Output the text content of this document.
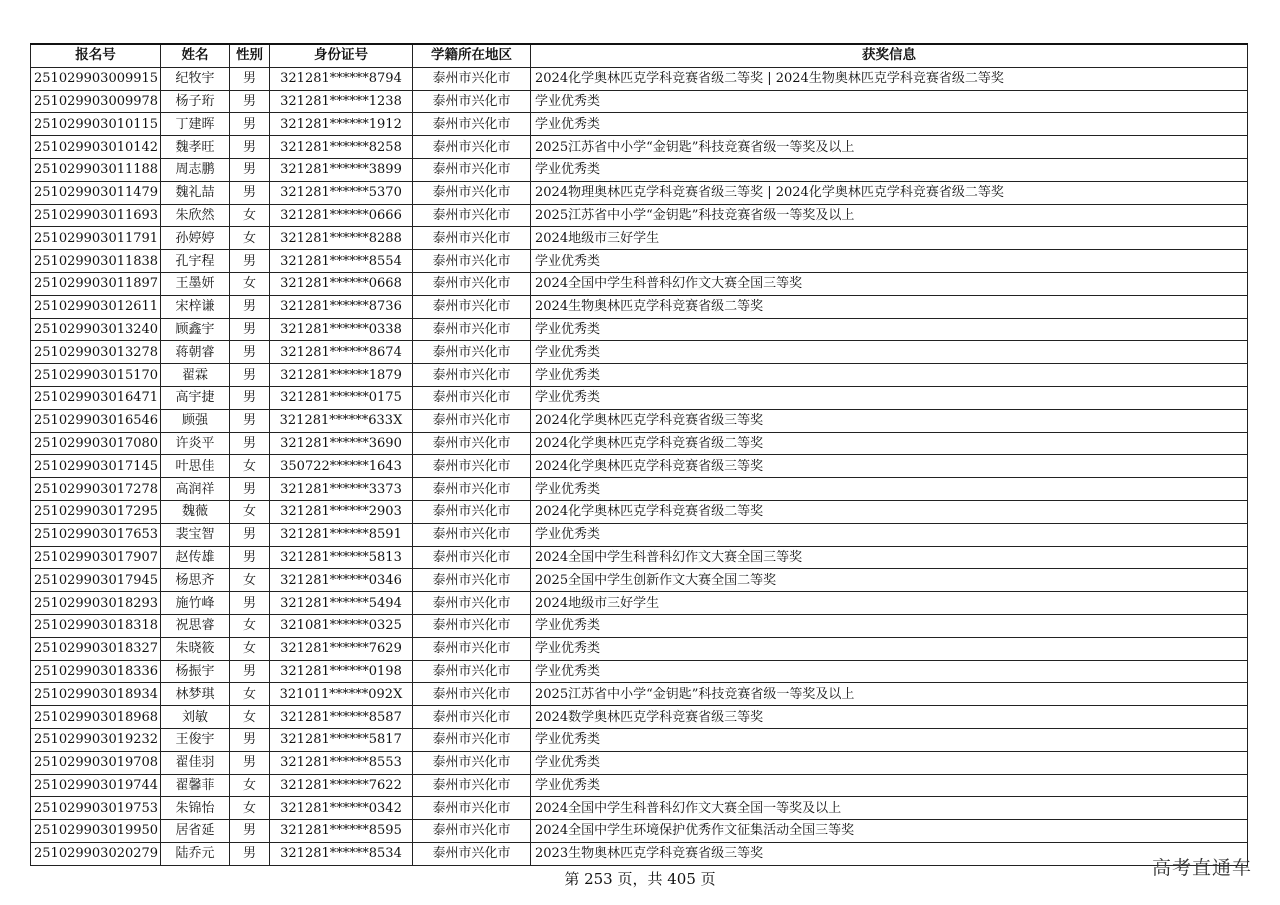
报名号	姓名	性别	身份证号	学籍所在地区	获奖信息
251029903009915	纪牧宇	男	321281******8794	泰州市兴化市	2024化学奥林匹克学科竞赛省级二等奖 | 2024生物奥林匹克学科竞赛省级二等奖
251029903009978	杨子珩	男	321281******1238	泰州市兴化市	学业优秀类
251029903010115	丁建晖	男	321281******1912	泰州市兴化市	学业优秀类
251029903010142	魏孝旺	男	321281******8258	泰州市兴化市	2025江苏省中小学“金钥匙”科技竞赛省级一等奖及以上
251029903011188	周志鹏	男	321281******3899	泰州市兴化市	学业优秀类
251029903011479	魏礼喆	男	321281******5370	泰州市兴化市	2024物理奥林匹克学科竞赛省级三等奖 | 2024化学奥林匹克学科竞赛省级二等奖
251029903011693	朱欣然	女	321281******0666	泰州市兴化市	2025江苏省中小学“金钥匙”科技竞赛省级一等奖及以上
251029903011791	孙婷婷	女	321281******8288	泰州市兴化市	2024地级市三好学生
251029903011838	孔宇程	男	321281******8554	泰州市兴化市	学业优秀类
251029903011897	王墨妍	女	321281******0668	泰州市兴化市	2024全国中学生科普科幻作文大赛全国三等奖
251029903012611	宋梓谦	男	321281******8736	泰州市兴化市	2024生物奥林匹克学科竞赛省级二等奖
251029903013240	顾鑫宇	男	321281******0338	泰州市兴化市	学业优秀类
251029903013278	蒋朝睿	男	321281******8674	泰州市兴化市	学业优秀类
251029903015170	翟霖	男	321281******1879	泰州市兴化市	学业优秀类
251029903016471	高宇捷	男	321281******0175	泰州市兴化市	学业优秀类
251029903016546	顾强	男	321281******633X	泰州市兴化市	2024化学奥林匹克学科竞赛省级三等奖
251029903017080	许炎平	男	321281******3690	泰州市兴化市	2024化学奥林匹克学科竞赛省级二等奖
251029903017145	叶思佳	女	350722******1643	泰州市兴化市	2024化学奥林匹克学科竞赛省级三等奖
251029903017278	高润祥	男	321281******3373	泰州市兴化市	学业优秀类
251029903017295	魏薇	女	321281******2903	泰州市兴化市	2024化学奥林匹克学科竞赛省级二等奖
251029903017653	裴宝智	男	321281******8591	泰州市兴化市	学业优秀类
251029903017907	赵传雄	男	321281******5813	泰州市兴化市	2024全国中学生科普科幻作文大赛全国三等奖
251029903017945	杨思齐	女	321281******0346	泰州市兴化市	2025全国中学生创新作文大赛全国二等奖
251029903018293	施竹峰	男	321281******5494	泰州市兴化市	2024地级市三好学生
251029903018318	祝思睿	女	321081******0325	泰州市兴化市	学业优秀类
251029903018327	朱晓筱	女	321281******7629	泰州市兴化市	学业优秀类
251029903018336	杨振宇	男	321281******0198	泰州市兴化市	学业优秀类
251029903018934	林梦琪	女	321011******092X	泰州市兴化市	2025江苏省中小学“金钥匙”科技竞赛省级一等奖及以上
251029903018968	刘敏	女	321281******8587	泰州市兴化市	2024数学奥林匹克学科竞赛省级三等奖
251029903019232	王俊宇	男	321281******5817	泰州市兴化市	学业优秀类
251029903019708	翟佳羽	男	321281******8553	泰州市兴化市	学业优秀类
251029903019744	翟馨菲	女	321281******7622	泰州市兴化市	学业优秀类
251029903019753	朱锦怡	女	321281******0342	泰州市兴化市	2024全国中学生科普科幻作文大赛全国一等奖及以上
251029903019950	居省延	男	321281******8595	泰州市兴化市	2024全国中学生环境保护优秀作文征集活动全国三等奖
251029903020279	陆乔元	男	321281******8534	泰州市兴化市	2023生物奥林匹克学科竞赛省级三等奖
第 253 页，共 405 页	高考直通车
